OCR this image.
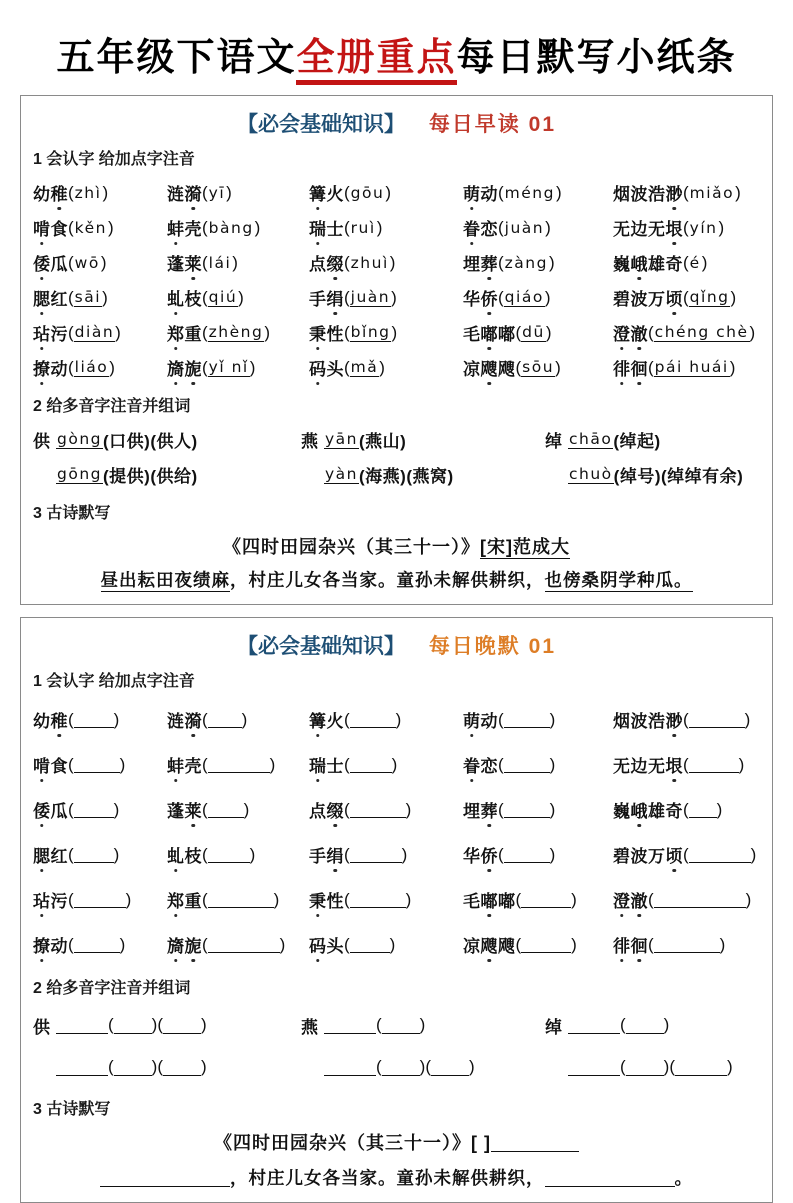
五年级下语文全册重点每日默写小纸条
【必会基础知识】 每日早读 01
1 会认字 给加点字注音
幼稚 ( zhì )	涟漪 ( yī )	篝火 ( gōu )	萌动 ( méng )	烟波浩渺 ( miǎo )
啃食 ( kěn )	蚌壳 ( bàng )	瑞士 ( ruì )	眷恋 ( juàn )	无边无垠 ( yín )
倭瓜 ( wō )	蓬莱 ( lái )	点缀 ( zhuì )	埋葬 ( zàng )	巍峨雄奇 ( é )
腮红 ( sāi )	虬枝 ( qiú )	手绢 ( juàn )	华侨 ( qiáo )	碧波万顷 ( qǐng )
玷污 ( diàn )	郑重 ( zhèng )	秉性 ( bǐng )	毛嘟嘟 ( dū )	澄澈 ( chéng chè )
撩动 ( liáo )	旖旎 ( yǐ nǐ )	码头 ( mǎ )	凉飕飕 ( sōu )	徘徊 ( pái huái )
2 给多音字注音并组词
供 gòng (口供)(供人)	燕 yān (燕山)	绰 chāo (绰起)
gōng (提供)(供给)	yàn (海燕)(燕窝)	chuò (绰号)(绰绰有余)
3 古诗默写
《四时田园杂兴（其三十一）》[宋]范成大
昼出耘田夜绩麻，村庄儿女各当家。童孙未解供耕织，也傍桑阴学种瓜。
【必会基础知识】 每日晚默 01
1 会认字 给加点字注音
幼稚 ( )	涟漪 ( )	篝火 (	)	萌动 (	)	烟波浩渺 (	)
啃食 (	)	蚌壳 (	)	瑞士 ( )	眷恋 (	)	无边无垠 (	)
倭瓜 ( )	蓬莱 ( )	点缀 (	)	埋葬 (	)	巍峨雄奇 ( )
腮红 ( )	虬枝 ( )	手绢 (	)	华侨 (	)	碧波万顷 (	)
玷污 (	)	郑重 (	)	秉性 (	)	毛嘟嘟 (	)	澄澈 (	)
撩动 (	)	旖旎 (	)	码头 ( )	凉飕飕 (	)	徘徊 (	)
2 给多音字注音并组词
供	( )( )	燕	( )	绰	( )
( )( )	( )( )	( )(	)
3 古诗默写
《四时田园杂兴（其三十一）》[ ]
，村庄儿女各当家。童孙未解供耕织，	。
